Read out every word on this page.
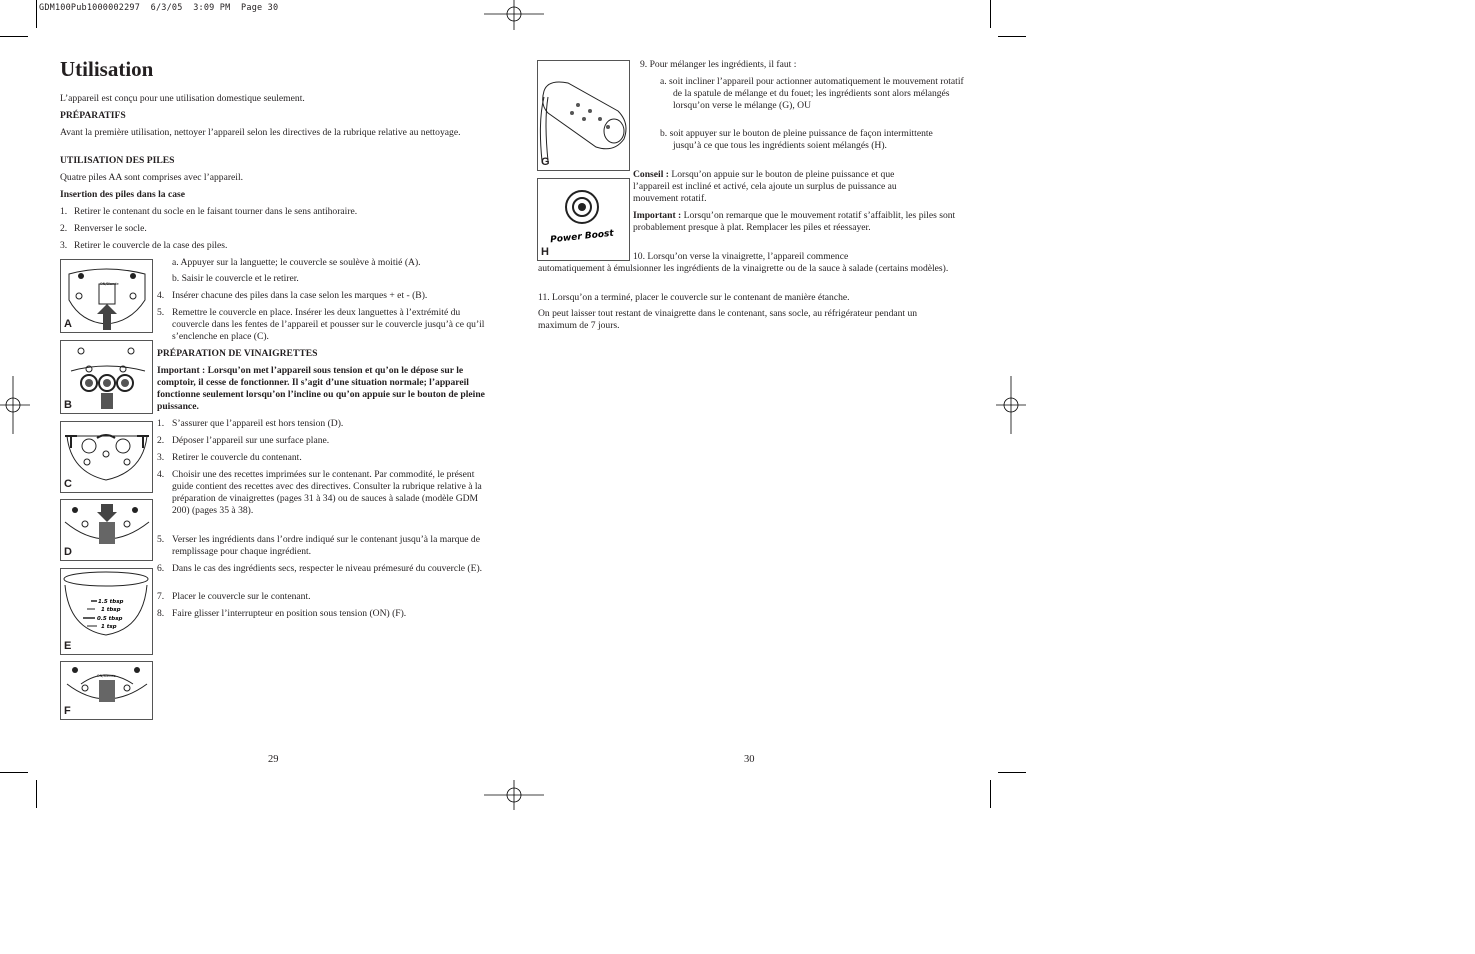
GDM100Pub1000002297  6/3/05  3:09 PM  Page 30
Utilisation
L’appareil est conçu pour une utilisation domestique seulement.
PRÉPARATIFS
Avant la première utilisation, nettoyer l’appareil selon les directives de la rubrique relative au nettoyage.
UTILISATION DES PILES
Quatre piles AA sont comprises avec l’appareil.
Insertion des piles dans la case
1. Retirer le contenant du socle en le faisant tourner dans le sens antihoraire.
2. Renverser le socle.
3. Retirer le couvercle de la case des piles.
a. Appuyer sur la languette; le couvercle se soulève à moitié (A).
b. Saisir le couvercle et le retirer.
4. Insérer chacune des piles dans la case selon les marques + et - (B).
5. Remettre le couvercle en place. Insérer les deux languettes à l’extrémité du couvercle dans les fentes de l’appareil et pousser sur le couvercle jusqu’à ce qu’il s’enclenche en place (C).
PRÉPARATION DE VINAIGRETTES
Important : Lorsqu’on met l’appareil sous tension et qu’on le dépose sur le comptoir, il cesse de fonctionner. Il s’agit d’une situation normale; l’appareil fonctionne seulement lorsqu’on l’incline ou qu’on appuie sur le bouton de pleine puissance.
1. S’assurer que l’appareil est hors tension (D).
2. Déposer l’appareil sur une surface plane.
3. Retirer le couvercle du contenant.
4. Choisir une des recettes imprimées sur le contenant. Par commodité, le présent guide contient des recettes avec des directives. Consulter la rubrique relative à la préparation de vinaigrettes (pages 31 à 34) ou de sauces à salade (modèle GDM 200) (pages 35 à 38).
5. Verser les ingrédients dans l’ordre indiqué sur le contenant jusqu’à la marque de remplissage pour chaque ingrédient.
6. Dans le cas des ingrédients secs, respecter le niveau prémesuré du couvercle (E).
7. Placer le couvercle sur le contenant.
8. Faire glisser l’interrupteur en position sous tension (ON) (F).
29
ON/Blende
A
B
C
D
1.5 tbsp
1 tbsp
0.5 tbsp
1 tsp
E
ON/Blende
F
G
Power Boost
H
9. Pour mélanger les ingrédients, il faut :
a. soit incliner l’appareil pour actionner automatiquement le mouvement rotatif de la spatule de mélange et du fouet; les ingrédients sont alors mélangés lorsqu’on verse le mélange (G), OU
b. soit appuyer sur le bouton de pleine puissance de façon intermittente jusqu’à ce que tous les ingrédients soient mélangés (H).
Conseil : Lorsqu’on appuie sur le bouton de pleine puissance et que l’appareil est incliné et activé, cela ajoute un surplus de puissance au mouvement rotatif.
Important : Lorsqu’on remarque que le mouvement rotatif s’affaiblit, les piles sont probablement presque à plat. Remplacer les piles et réessayer.
10. Lorsqu’on verse la vinaigrette, l’appareil commence
automatiquement à émulsionner les ingrédients de la vinaigrette ou de la sauce à salade (certains modèles).
11. Lorsqu’on a terminé, placer le couvercle sur le contenant de manière étanche.
On peut laisser tout restant de vinaigrette dans le contenant, sans socle, au réfrigérateur pendant un maximum de 7 jours.
30
